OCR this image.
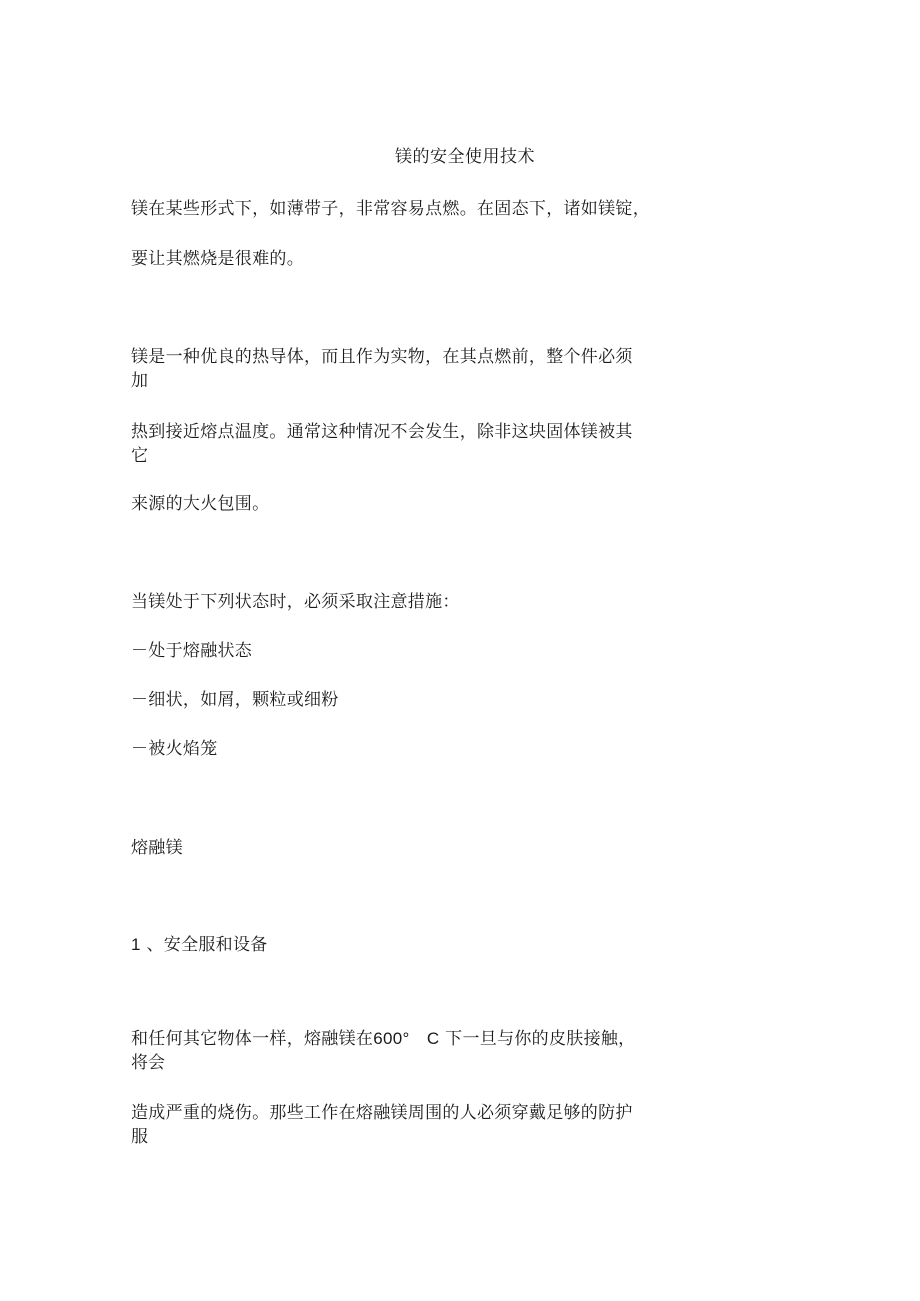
镁的安全使用技术
镁在某些形式下，如薄带子，非常容易点燃。在固态下，诸如镁锭，
要让其燃烧是很难的。
镁是一种优良的热导体，而且作为实物，在其点燃前，整个件必须
加
热到接近熔点温度。通常这种情况不会发生，除非这块固体镁被其
它
来源的大火包围。
当镁处于下列状态时，必须采取注意措施：
－处于熔融状态
－细状，如屑，颗粒或细粉
－被火焰笼
熔融镁
1 、安全服和设备
和任何其它物体一样，熔融镁在600°　C 下一旦与你的皮肤接触，
将会
造成严重的烧伤。那些工作在熔融镁周围的人必须穿戴足够的防护
服
